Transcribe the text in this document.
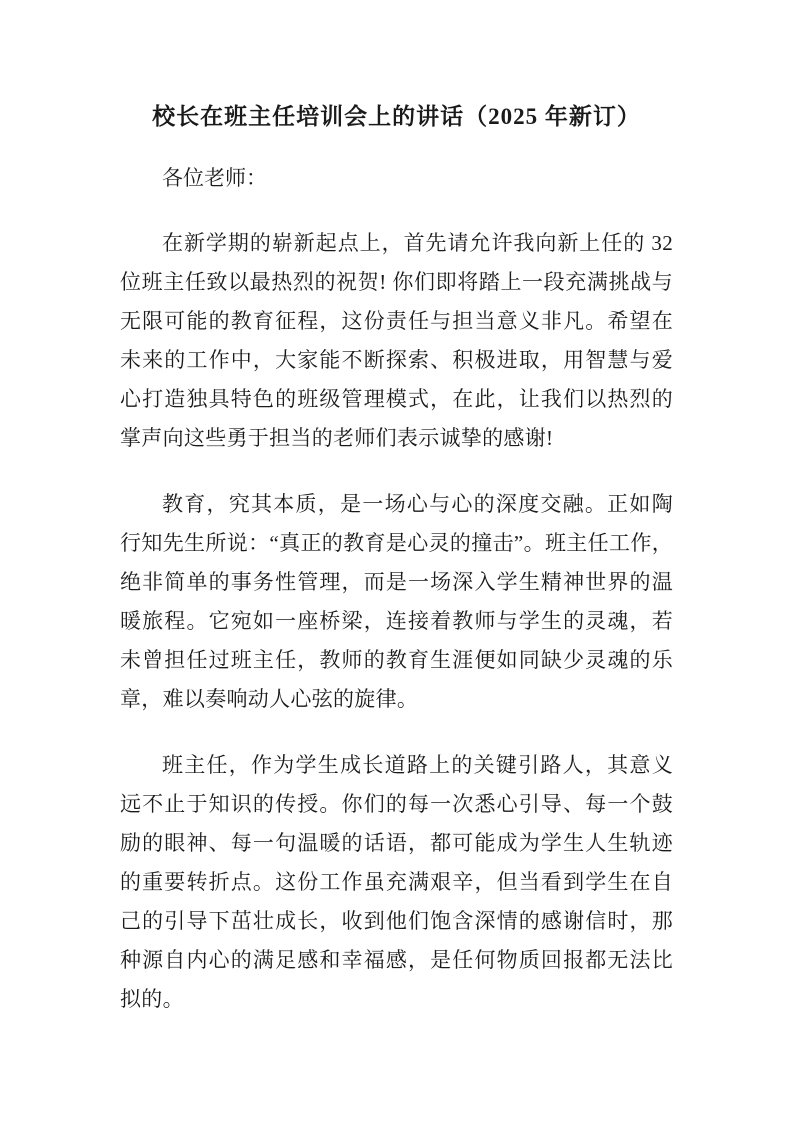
校长在班主任培训会上的讲话（2025 年新订）

各位老师：

在新学期的崭新起点上，首先请允许我向新上任的 32 位班主任致以最热烈的祝贺! 你们即将踏上一段充满挑战与无限可能的教育征程，这份责任与担当意义非凡。希望在未来的工作中，大家能不断探索、积极进取，用智慧与爱心打造独具特色的班级管理模式，在此，让我们以热烈的掌声向这些勇于担当的老师们表示诚挚的感谢!

教育，究其本质，是一场心与心的深度交融。正如陶行知先生所说：“真正的教育是心灵的撞击”。班主任工作，绝非简单的事务性管理，而是一场深入学生精神世界的温暖旅程。它宛如一座桥梁，连接着教师与学生的灵魂，若未曾担任过班主任，教师的教育生涯便如同缺少灵魂的乐章，难以奏响动人心弦的旋律。

班主任，作为学生成长道路上的关键引路人，其意义远不止于知识的传授。你们的每一次悉心引导、每一个鼓励的眼神、每一句温暖的话语，都可能成为学生人生轨迹的重要转折点。这份工作虽充满艰辛，但当看到学生在自己的引导下茁壮成长，收到他们饱含深情的感谢信时，那种源自内心的满足感和幸福感，是任何物质回报都无法比拟的。
